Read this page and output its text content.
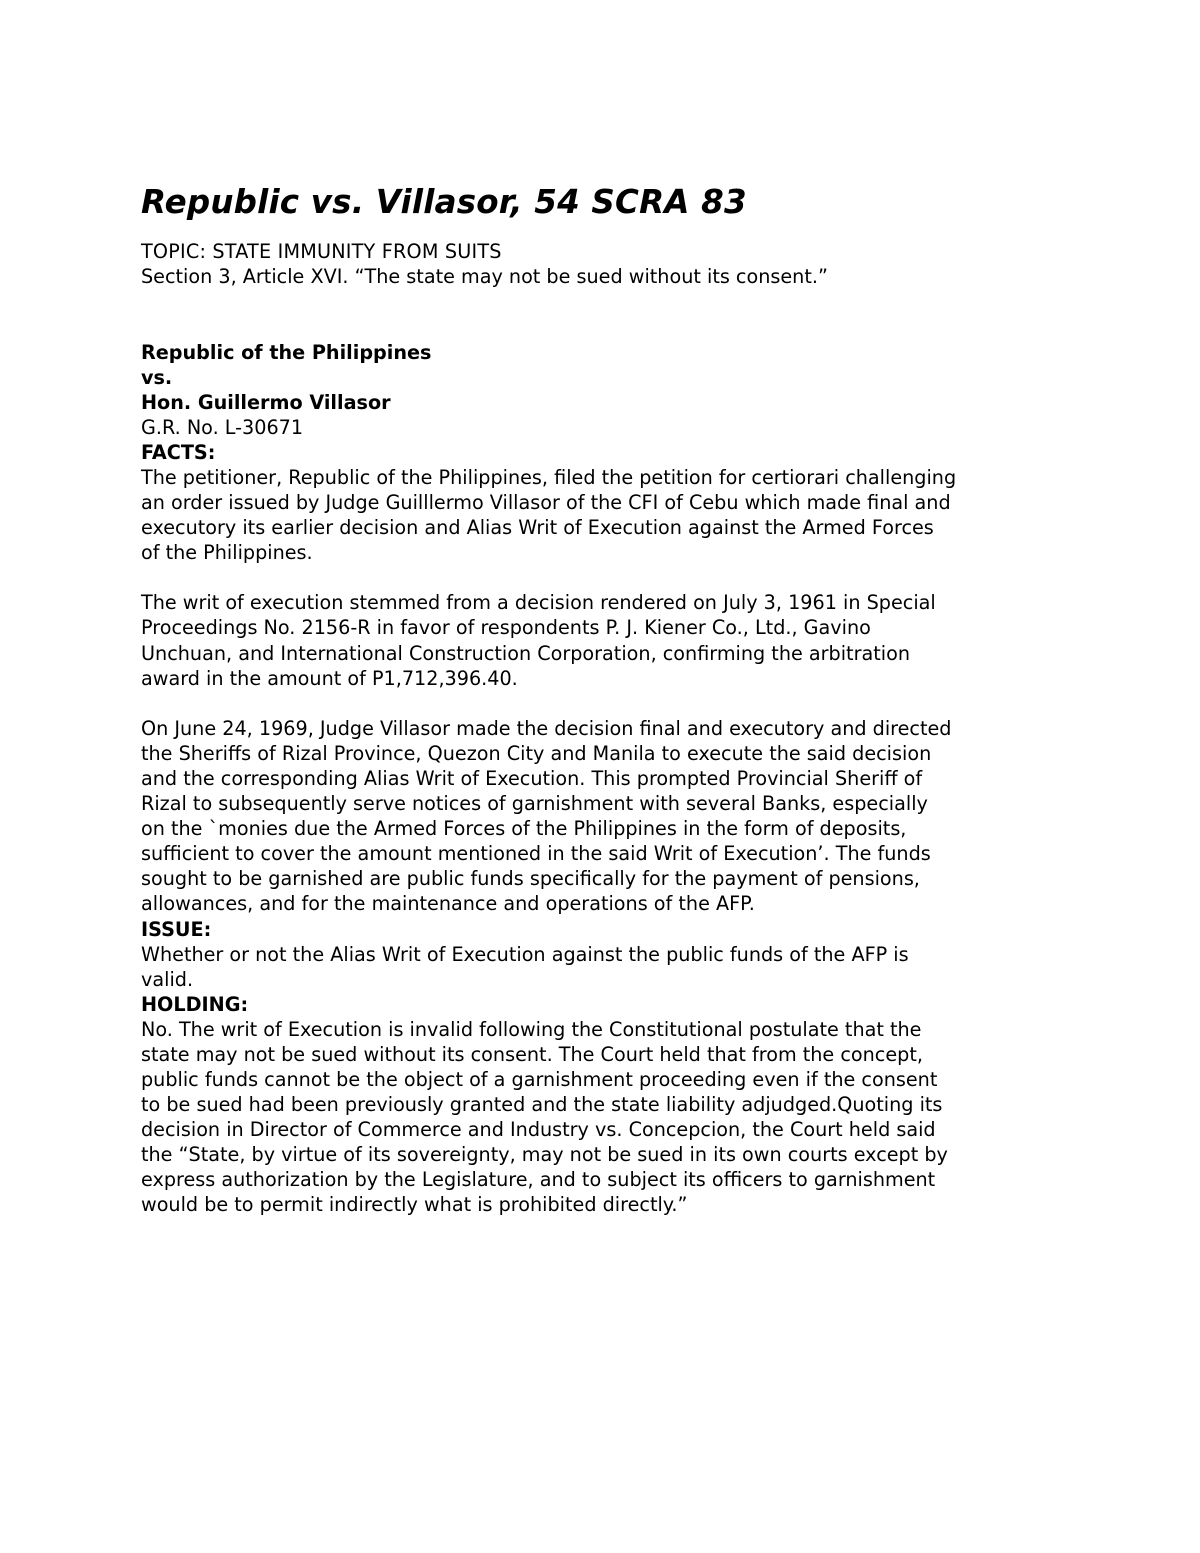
Republic vs. Villasor, 54 SCRA 83

TOPIC: STATE IMMUNITY FROM SUITS

Section 3, Article XVI. “The state may not be sued without its consent.”

Republic of the Philippines

vs.

Hon. Guillermo Villasor

G.R. No. L-30671

FACTS:

The petitioner, Republic of the Philippines, filed the petition for certiorari challenging
an order issued by Judge Guilllermo Villasor of the CFI of Cebu which made final and
executory its earlier decision and Alias Writ of Execution against the Armed Forces
of the Philippines.
The writ of execution stemmed from a decision rendered on July 3, 1961 in Special
Proceedings No. 2156-R in favor of respondents P. J. Kiener Co., Ltd., Gavino
Unchuan, and International Construction Corporation, confirming the arbitration
award in the amount of P1,712,396.40.
On June 24, 1969, Judge Villasor made the decision final and executory and directed
the Sheriffs of Rizal Province, Quezon City and Manila to execute the said decision
and the corresponding Alias Writ of Execution. This prompted Provincial Sheriff of
Rizal to subsequently serve notices of garnishment with several Banks, especially
on the `monies due the Armed Forces of the Philippines in the form of deposits,
sufficient to cover the amount mentioned in the said Writ of Execution’. The funds
sought to be garnished are public funds specifically for the payment of pensions,
allowances, and for the maintenance and operations of the AFP.

ISSUE:

Whether or not the Alias Writ of Execution against the public funds of the AFP is
valid.

HOLDING:

No. The writ of Execution is invalid following the Constitutional postulate that the
state may not be sued without its consent. The Court held that from the concept,
public funds cannot be the object of a garnishment proceeding even if the consent
to be sued had been previously granted and the state liability adjudged.Quoting its
decision in Director of Commerce and Industry vs. Concepcion, the Court held said
the “State, by virtue of its sovereignty, may not be sued in its own courts except by
express authorization by the Legislature, and to subject its officers to garnishment
would be to permit indirectly what is prohibited directly.”
